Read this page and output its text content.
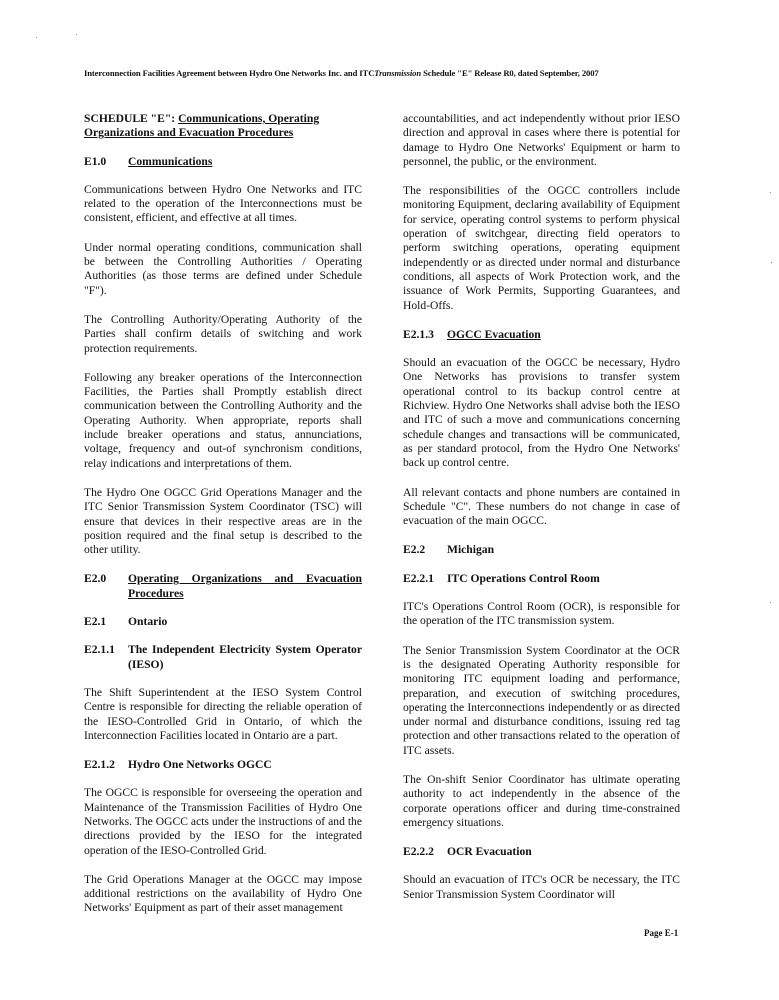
Interconnection Facilities Agreement between Hydro One Networks Inc. and ITCTransmission Schedule "E" Release R0, dated September, 2007
SCHEDULE "E": Communications, Operating Organizations and Evacuation Procedures
E1.0 Communications

Communications between Hydro One Networks and ITC related to the operation of the Interconnections must be consistent, efficient, and effective at all times.

Under normal operating conditions, communication shall be between the Controlling Authorities / Operating Authorities (as those terms are defined under Schedule "F").

The Controlling Authority/Operating Authority of the Parties shall confirm details of switching and work protection requirements.

Following any breaker operations of the Interconnection Facilities, the Parties shall Promptly establish direct communication between the Controlling Authority and the Operating Authority. When appropriate, reports shall include breaker operations and status, annunciations, voltage, frequency and out-of synchronism conditions, relay indications and interpretations of them.

The Hydro One OGCC Grid Operations Manager and the ITC Senior Transmission System Coordinator (TSC) will ensure that devices in their respective areas are in the position required and the final setup is described to the other utility.

E2.0	Operating Organizations and Evacuation Procedures
E2.1 Ontario
E2.1.1	The Independent Electricity System Operator (IESO)

The Shift Superintendent at the IESO System Control Centre is responsible for directing the reliable operation of the IESO-Controlled Grid in Ontario, of which the Interconnection Facilities located in Ontario are a part.

E2.1.2 Hydro One Networks OGCC

The OGCC is responsible for overseeing the operation and Maintenance of the Transmission Facilities of Hydro One Networks. The OGCC acts under the instructions of and the directions provided by the IESO for the integrated operation of the IESO-Controlled Grid.

The Grid Operations Manager at the OGCC may impose additional restrictions on the availability of Hydro One Networks' Equipment as part of their asset management

accountabilities, and act independently without prior IESO direction and approval in cases where there is potential for damage to Hydro One Networks' Equipment or harm to personnel, the public, or the environment.

The responsibilities of the OGCC controllers include monitoring Equipment, declaring availability of Equipment for service, operating control systems to perform physical operation of switchgear, directing field operators to perform switching operations, operating equipment independently or as directed under normal and disturbance conditions, all aspects of Work Protection work, and the issuance of Work Permits, Supporting Guarantees, and Hold-Offs.

E2.1.3 OGCC Evacuation

Should an evacuation of the OGCC be necessary, Hydro One Networks has provisions to transfer system operational control to its backup control centre at Richview. Hydro One Networks shall advise both the IESO and ITC of such a move and communications concerning schedule changes and transactions will be communicated, as per standard protocol, from the Hydro One Networks' back up control centre.

All relevant contacts and phone numbers are contained in Schedule "C". These numbers do not change in case of evacuation of the main OGCC.

E2.2 Michigan
E2.2.1 ITC Operations Control Room

ITC's Operations Control Room (OCR), is responsible for the operation of the ITC transmission system.

The Senior Transmission System Coordinator at the OCR is the designated Operating Authority responsible for monitoring ITC equipment loading and performance, preparation, and execution of switching procedures, operating the Interconnections independently or as directed under normal and disturbance conditions, issuing red tag protection and other transactions related to the operation of ITC assets.

The On-shift Senior Coordinator has ultimate operating authority to act independently in the absence of the corporate operations officer and during time-constrained emergency situations.

E2.2.2 OCR Evacuation

Should an evacuation of ITC's OCR be necessary, the ITC Senior Transmission System Coordinator will

Page E-1
